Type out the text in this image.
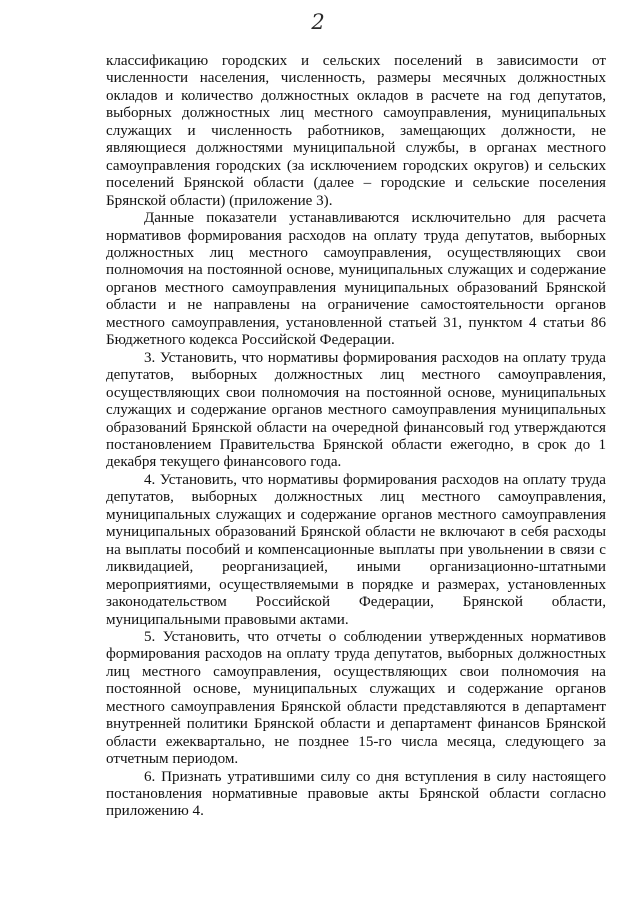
2

классификацию городских и сельских поселений в зависимости от численности населения, численность, размеры месячных должностных окладов и количество должностных окладов в расчете на год депутатов, выборных должностных лиц местного самоуправления, муниципальных служащих и численность работников, замещающих должности, не являющиеся должностями муниципальной службы, в органах местного самоуправления городских (за исключением городских округов) и сельских поселений Брянской области (далее – городские и сельские поселения Брянской области) (приложение 3).

Данные показатели устанавливаются исключительно для расчета нормативов формирования расходов на оплату труда депутатов, выборных должностных лиц местного самоуправления, осуществляющих свои полномочия на постоянной основе, муниципальных служащих и содержание органов местного самоуправления муниципальных образований Брянской области и не направлены на ограничение самостоятельности органов местного самоуправления, установленной статьей 31, пунктом 4 статьи 86 Бюджетного кодекса Российской Федерации.

3. Установить, что нормативы формирования расходов на оплату труда депутатов, выборных должностных лиц местного самоуправления, осуществляющих свои полномочия на постоянной основе, муниципальных служащих и содержание органов местного самоуправления муниципальных образований Брянской области на очередной финансовый год утверждаются постановлением Правительства Брянской области ежегодно, в срок до 1 декабря текущего финансового года.

4. Установить, что нормативы формирования расходов на оплату труда депутатов, выборных должностных лиц местного самоуправления, муниципальных служащих и содержание органов местного самоуправления муниципальных образований Брянской области не включают в себя расходы на выплаты пособий и компенсационные выплаты при увольнении в связи с ликвидацией, реорганизацией, иными организационно-штатными мероприятиями, осуществляемыми в порядке и размерах, установленных законодательством Российской Федерации, Брянской области, муниципальными правовыми актами.

5. Установить, что отчеты о соблюдении утвержденных нормативов формирования расходов на оплату труда депутатов, выборных должностных лиц местного самоуправления, осуществляющих свои полномочия на постоянной основе, муниципальных служащих и содержание органов местного самоуправления Брянской области представляются в департамент внутренней политики Брянской области и департамент финансов Брянской области ежеквартально, не позднее 15-го числа месяца, следующего за отчетным периодом.

6. Признать утратившими силу со дня вступления в силу настоящего постановления нормативные правовые акты Брянской области согласно приложению 4.
